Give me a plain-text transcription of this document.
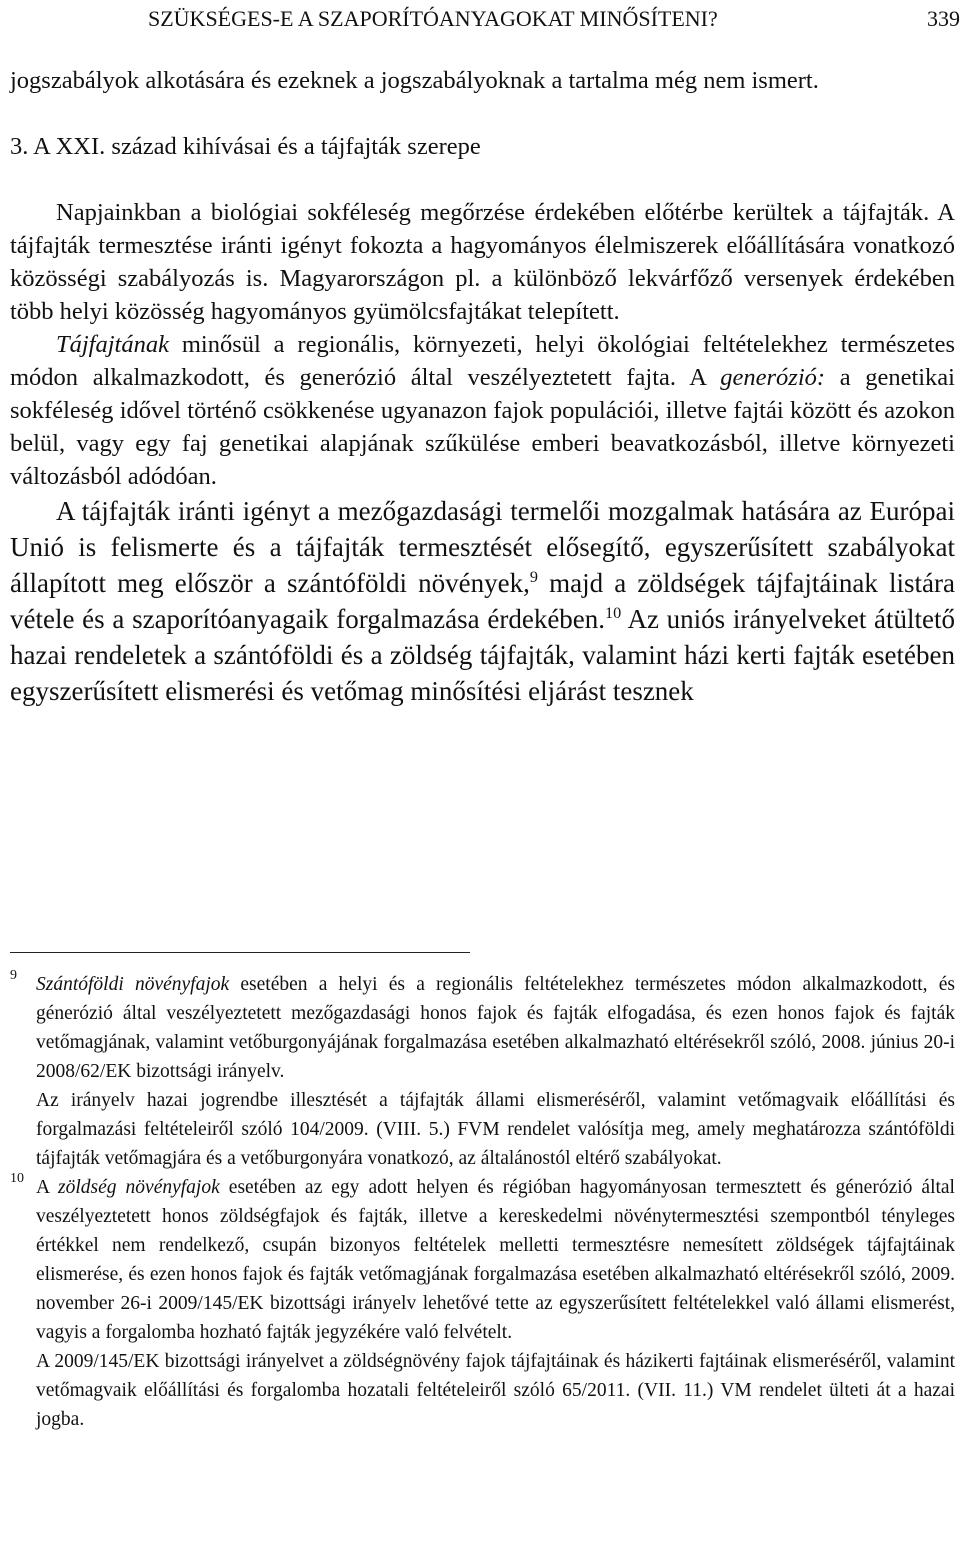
SZÜKSÉGES-E A SZAPORÍTÓANYAGOKAT MINŐSÍTENI?	339

jogszabályok alkotására és ezeknek a jogszabályoknak a tartalma még nem ismert.

3. A XXI. század kihívásai és a tájfajták szerepe

Napjainkban a biológiai sokféleség megőrzése érdekében előtérbe kerültek a tájfajták. A tájfajták termesztése iránti igényt fokozta a hagyományos élelmiszerek előállítására vonatkozó közösségi szabályozás is. Magyarországon pl. a különböző lekvárfőző versenyek érdekében több helyi közösség hagyományos gyümölcsfajtákat telepített.

Tájfajtának minősül a regionális, környezeti, helyi ökológiai feltételekhez természetes módon alkalmazkodott, és generózió által veszélyeztetett fajta. A generózió: a genetikai sokféleség idővel történő csökkenése ugyanazon fajok populációi, illetve fajtái között és azokon belül, vagy egy faj genetikai alapjának szűkülése emberi beavatkozásból, illetve környezeti változásból adódóan.

A tájfajták iránti igényt a mezőgazdasági termelői mozgalmak hatására az Európai Unió is felismerte és a tájfajták termesztését elősegítő, egyszerűsített szabályokat állapított meg először a szántóföldi növények,$^9$ majd a zöldségek tájfajtáinak listára vétele és a szaporítóanyagaik forgalmazása érdekében.$^{10}$ Az uniós irányelveket átültető hazai rendeletek a szántóföldi és a zöldség tájfajták, valamint házi kerti fajták esetében egyszerűsített elismerési és vetőmag minősítési eljárást tesznek

9 Szántóföldi növényfajok esetében a helyi és a regionális feltételekhez természetes módon alkalmazkodott, és génerózió által veszélyeztetett mezőgazdasági honos fajok és fajták elfogadása, és ezen honos fajok és fajták vetőmagjának, valamint vetőburgonyájának forgalmazása esetében alkalmazható eltérésekről szóló, 2008. június 20-i 2008/62/EK bizottsági irányelv.

Az irányelv hazai jogrendbe illesztését a tájfajták állami elismeréséről, valamint vetőmagvaik előállítási és forgalmazási feltételeiről szóló 104/2009. (VIII. 5.) FVM rendelet valósítja meg, amely meghatározza szántóföldi tájfajták vetőmagjára és a vetőburgonyára vonatkozó, az általánostól eltérő szabályokat.

10 A zöldség növényfajok esetében az egy adott helyen és régióban hagyományosan termesztett és génerózió által veszélyeztetett honos zöldségfajok és fajták, illetve a kereskedelmi növénytermesztési szempontból tényleges értékkel nem rendelkező, csupán bizonyos feltételek melletti termesztésre nemesített zöldségek tájfajtáinak elismerése, és ezen honos fajok és fajták vetőmagjának forgalmazása esetében alkalmazható eltérésekről szóló, 2009. november 26-i 2009/145/EK bizottsági irányelv lehetővé tette az egyszerűsített feltételekkel való állami elismerést, vagyis a forgalomba hozható fajták jegyzékére való felvételt.

A 2009/145/EK bizottsági irányelvet a zöldségnövény fajok tájfajtáinak és házikerti fajtáinak elismeréséről, valamint vetőmagvaik előállítási és forgalomba hozatali feltételeiről szóló 65/2011. (VII. 11.) VM rendelet ülteti át a hazai jogba.
